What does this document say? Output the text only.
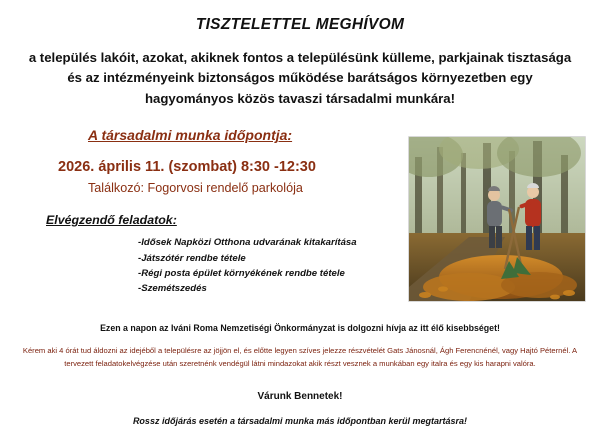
TISZTELETTEL MEGHÍVOM
a település lakóit, azokat, akiknek fontos a településünk külleme, parkjainak tisztasága és az intézményeink biztonságos működése barátságos környezetben egy hagyományos közös tavaszi társadalmi munkára!
A társadalmi munka időpontja:
2026. április 11. (szombat) 8:30 -12:30
Találkozó: Fogorvosi rendelő parkolója
Elvégzendő feladatok:
-Idősek Napközi Otthona udvarának kitakarítása
-Játszótér rendbe tétele
-Régi posta épület környékének rendbe tétele
-Szemétszedés
Ezen a napon az Iváni Roma Nemzetiségi Önkormányzat is dolgozni hívja az itt élő kisebbséget!
Kérem aki 4 órát tud áldozni az idejéből a településre az jöjjön el, és előtte legyen szíves jelezze részvételét Gats Jánosnál, Ágh Ferencnénél, vagy Hajtó Péternél. A tervezett feladatokelvégzése után szeretnénk vendégül látni mindazokat akik részt vesznek a munkában egy italra és egy kis harapni valóra.
Várunk Bennetek!
Rossz időjárás esetén a társadalmi munka más időpontban kerül megtartásra!
